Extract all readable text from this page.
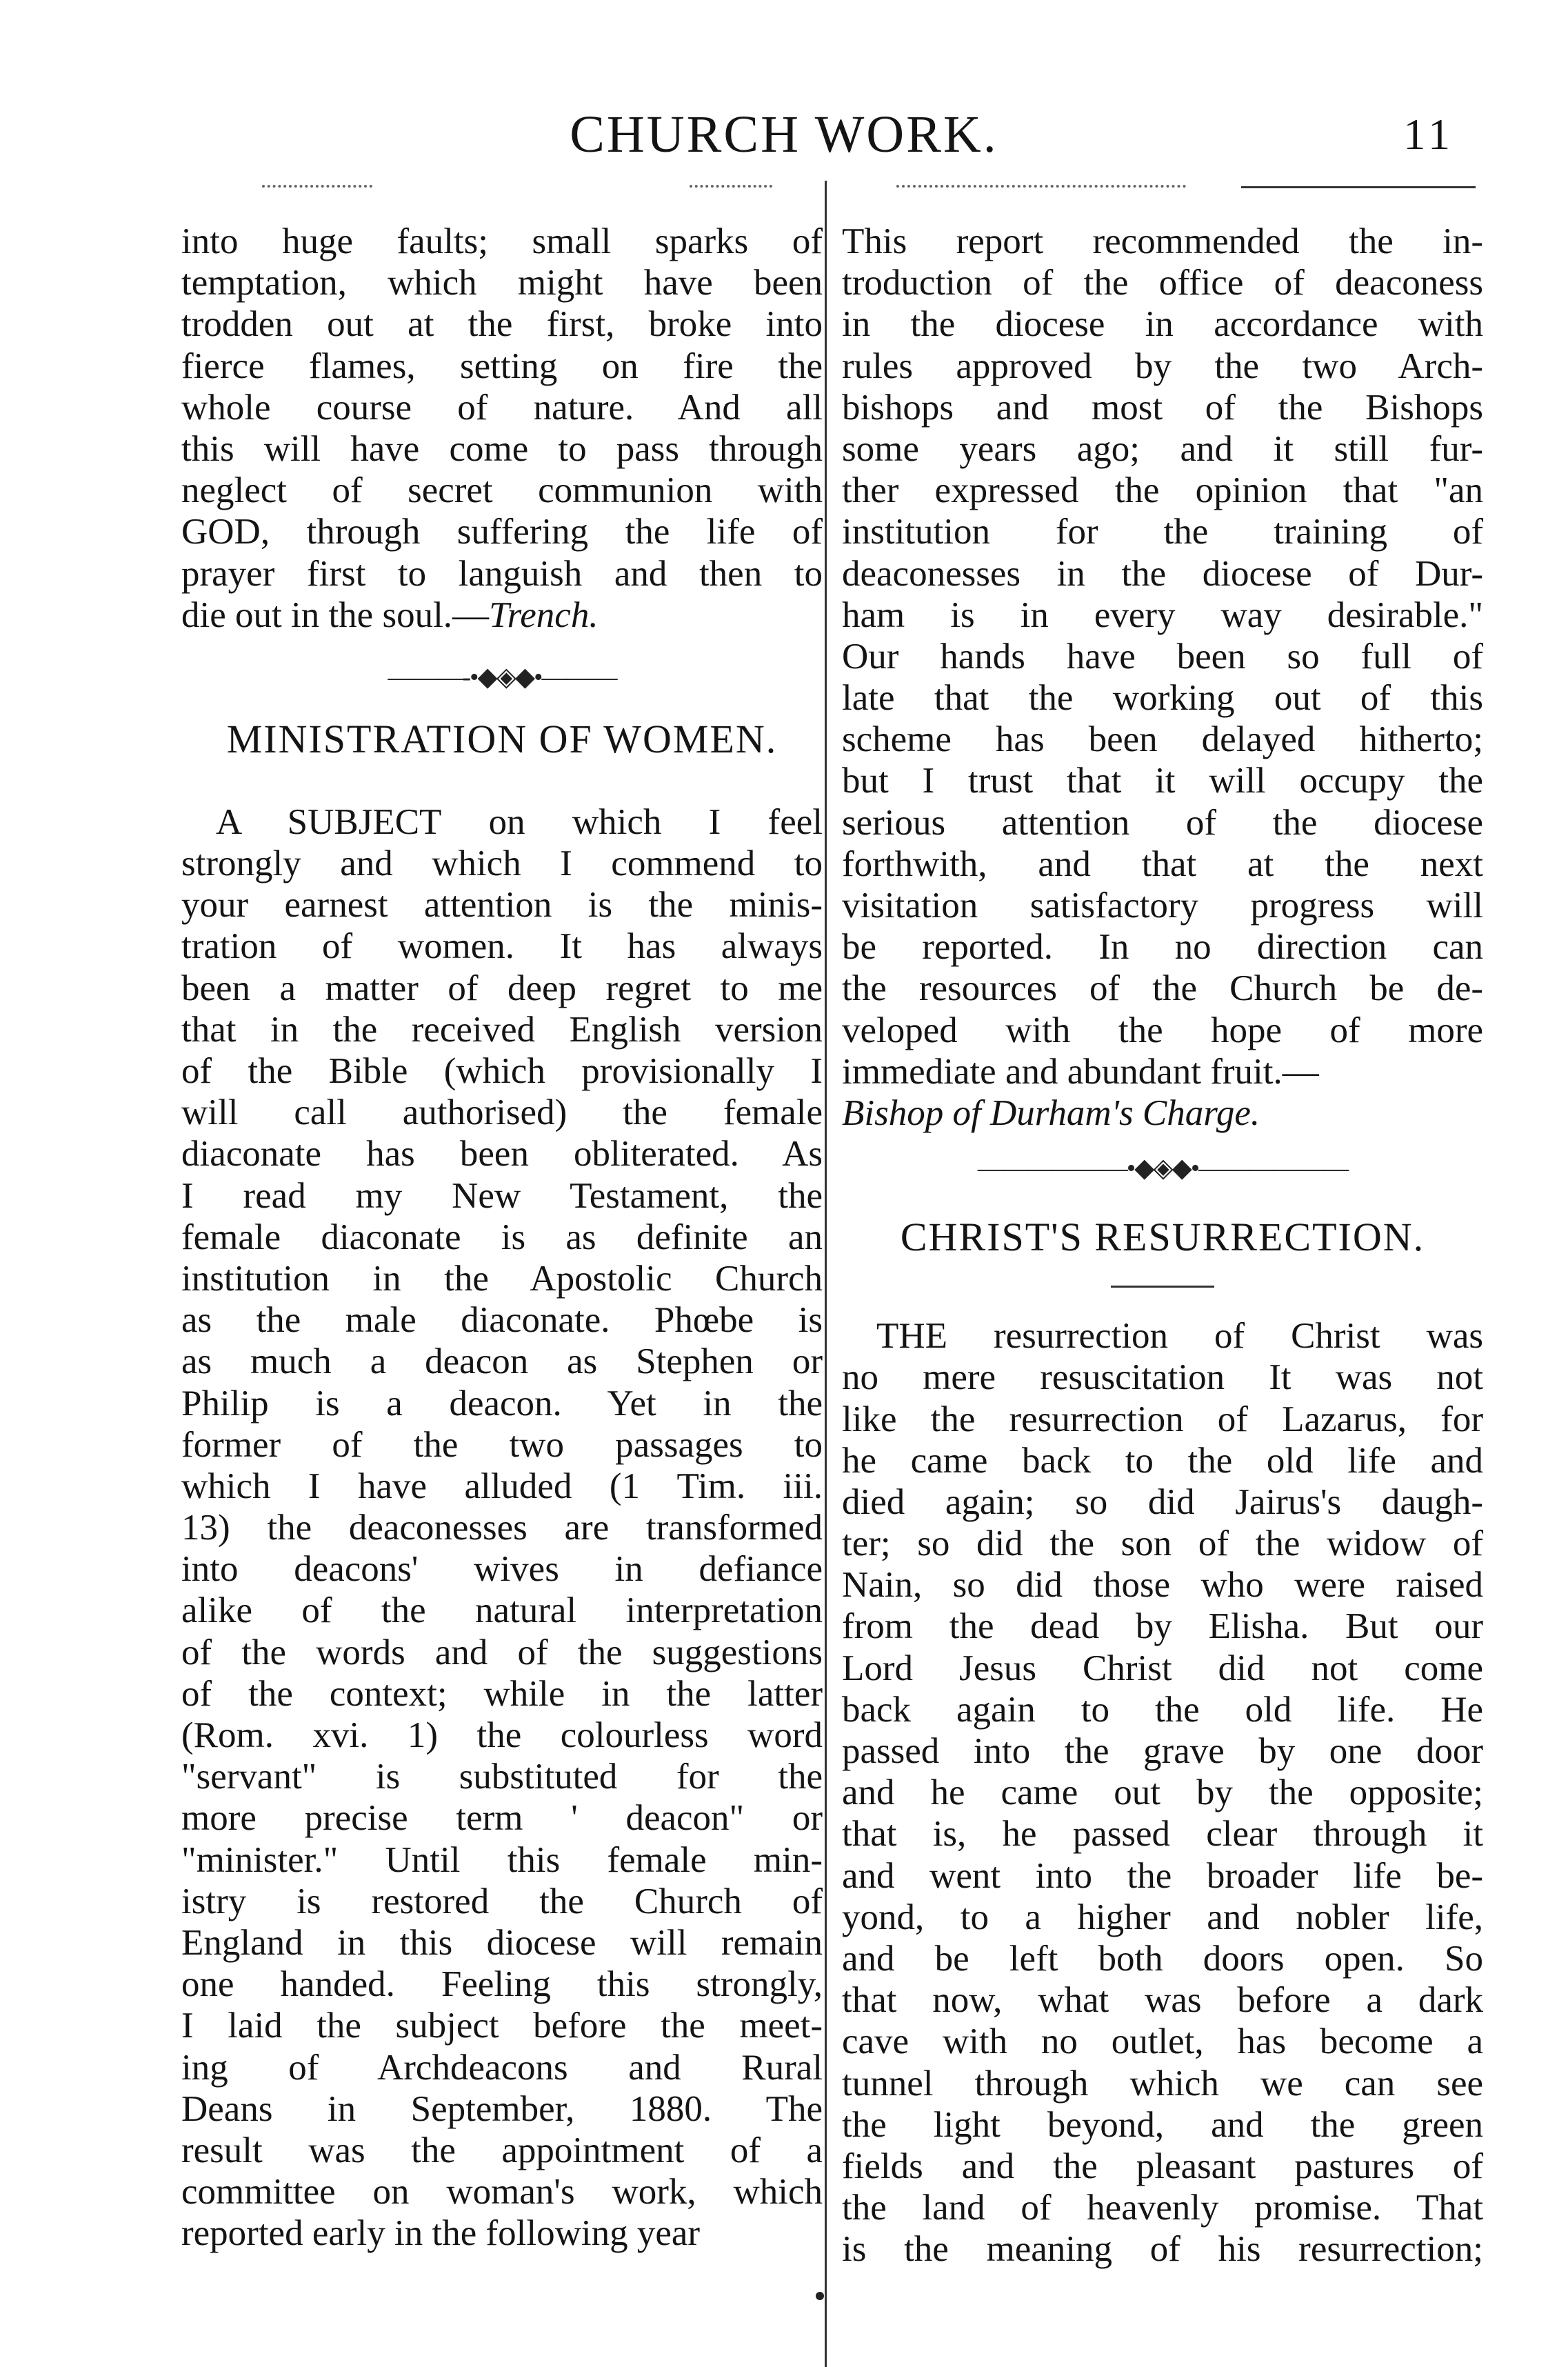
CHURCH WORK.	11
into huge faults; small sparks of
temptation, which might have been
trodden out at the first, broke into
fierce flames, setting on fire the
whole course of nature. And all
this will have come to pass through
neglect of secret communion with
GOD, through suffering the life of
prayer first to languish and then to
die out in the soul.—Trench.
———‑•◆◈◆•———
MINISTRATION OF WOMEN.
A SUBJECT on which I feel
strongly and which I commend to
your earnest attention is the minis-
tration of women. It has always
been a matter of deep regret to me
that in the received English version
of the Bible (which provisionally I
will call authorised) the female
diaconate has been obliterated. As
I read my New Testament, the
female diaconate is as definite an
institution in the Apostolic Church
as the male diaconate. Phœbe is
as much a deacon as Stephen or
Philip is a deacon. Yet in the
former of the two passages to
which I have alluded (1 Tim. iii.
13) the deaconesses are transformed
into deacons' wives in defiance
alike of the natural interpretation
of the words and of the suggestions
of the context; while in the latter
(Rom. xvi. 1) the colourless word
"servant" is substituted for the
more precise term ' deacon" or
"minister." Until this female min-
istry is restored the Church of
England in this diocese will remain
one handed. Feeling this strongly,
I laid the subject before the meet-
ing of Archdeacons and Rural
Deans in September, 1880. The
result was the appointment of a
committee on woman's work, which
reported early in the following year
This report recommended the in-
troduction of the office of deaconess
in the diocese in accordance with
rules approved by the two Arch-
bishops and most of the Bishops
some years ago; and it still fur-
ther expressed the opinion that "an
institution for the training of
deaconesses in the diocese of Dur-
ham is in every way desirable."
Our hands have been so full of
late that the working out of this
scheme has been delayed hitherto;
but I trust that it will occupy the
serious attention of the diocese
forthwith, and that at the next
visitation satisfactory progress will
be reported. In no direction can
the resources of the Church be de-
veloped with the hope of more
immediate and abundant fruit.—
Bishop of Durham's Charge.
——————•◆◈◆•——————
CHRIST'S RESURRECTION.
THE resurrection of Christ was
no mere resuscitation It was not
like the resurrection of Lazarus, for
he came back to the old life and
died again; so did Jairus's daugh-
ter; so did the son of the widow of
Nain, so did those who were raised
from the dead by Elisha. But our
Lord Jesus Christ did not come
back again to the old life. He
passed into the grave by one door
and he came out by the opposite;
that is, he passed clear through it
and went into the broader life be-
yond, to a higher and nobler life,
and be left both doors open. So
that now, what was before a dark
cave with no outlet, has become a
tunnel through which we can see
the light beyond, and the green
fields and the pleasant pastures of
the land of heavenly promise. That
is the meaning of his resurrection;
